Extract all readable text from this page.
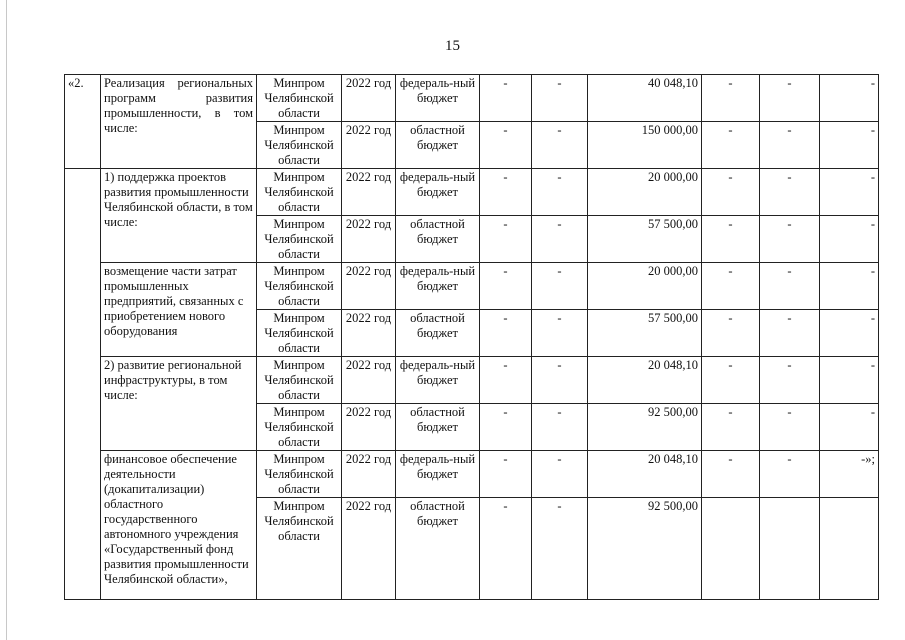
15
«2.	Реализация региональных
программ развития
промышленности, в том
числе:	Минпром Челябинской области	2022 год	федераль-ный бюджет	-	-	40 048,10	-	-	-
		Минпром Челябинской области	2022 год	областной бюджет	-	-	150 000,00	-	-	-
	1) поддержка проектов развития промышленности Челябинской области, в том числе:	Минпром Челябинской области	2022 год	федераль-ный бюджет	-	-	20 000,00	-	-	-
		Минпром Челябинской области	2022 год	областной бюджет	-	-	57 500,00	-	-	-
	возмещение части затрат промышленных предприятий, связанных с приобретением нового оборудования	Минпром Челябинской области	2022 год	федераль-ный бюджет	-	-	20 000,00	-	-	-
		Минпром Челябинской области	2022 год	областной бюджет	-	-	57 500,00	-	-	-
	2) развитие региональной инфраструктуры, в том числе:	Минпром Челябинской области	2022 год	федераль-ный бюджет	-	-	20 048,10	-	-	-
		Минпром Челябинской области	2022 год	областной бюджет	-	-	92 500,00	-	-	-
	финансовое обеспечение деятельности (докапитализации) областного государственного автономного учреждения «Государственный фонд развития промышленности Челябинской области»,	Минпром Челябинской области	2022 год	федераль-ный бюджет	-	-	20 048,10	-	-	-»;
		Минпром Челябинской области	2022 год	областной бюджет	-	-	92 500,00			
